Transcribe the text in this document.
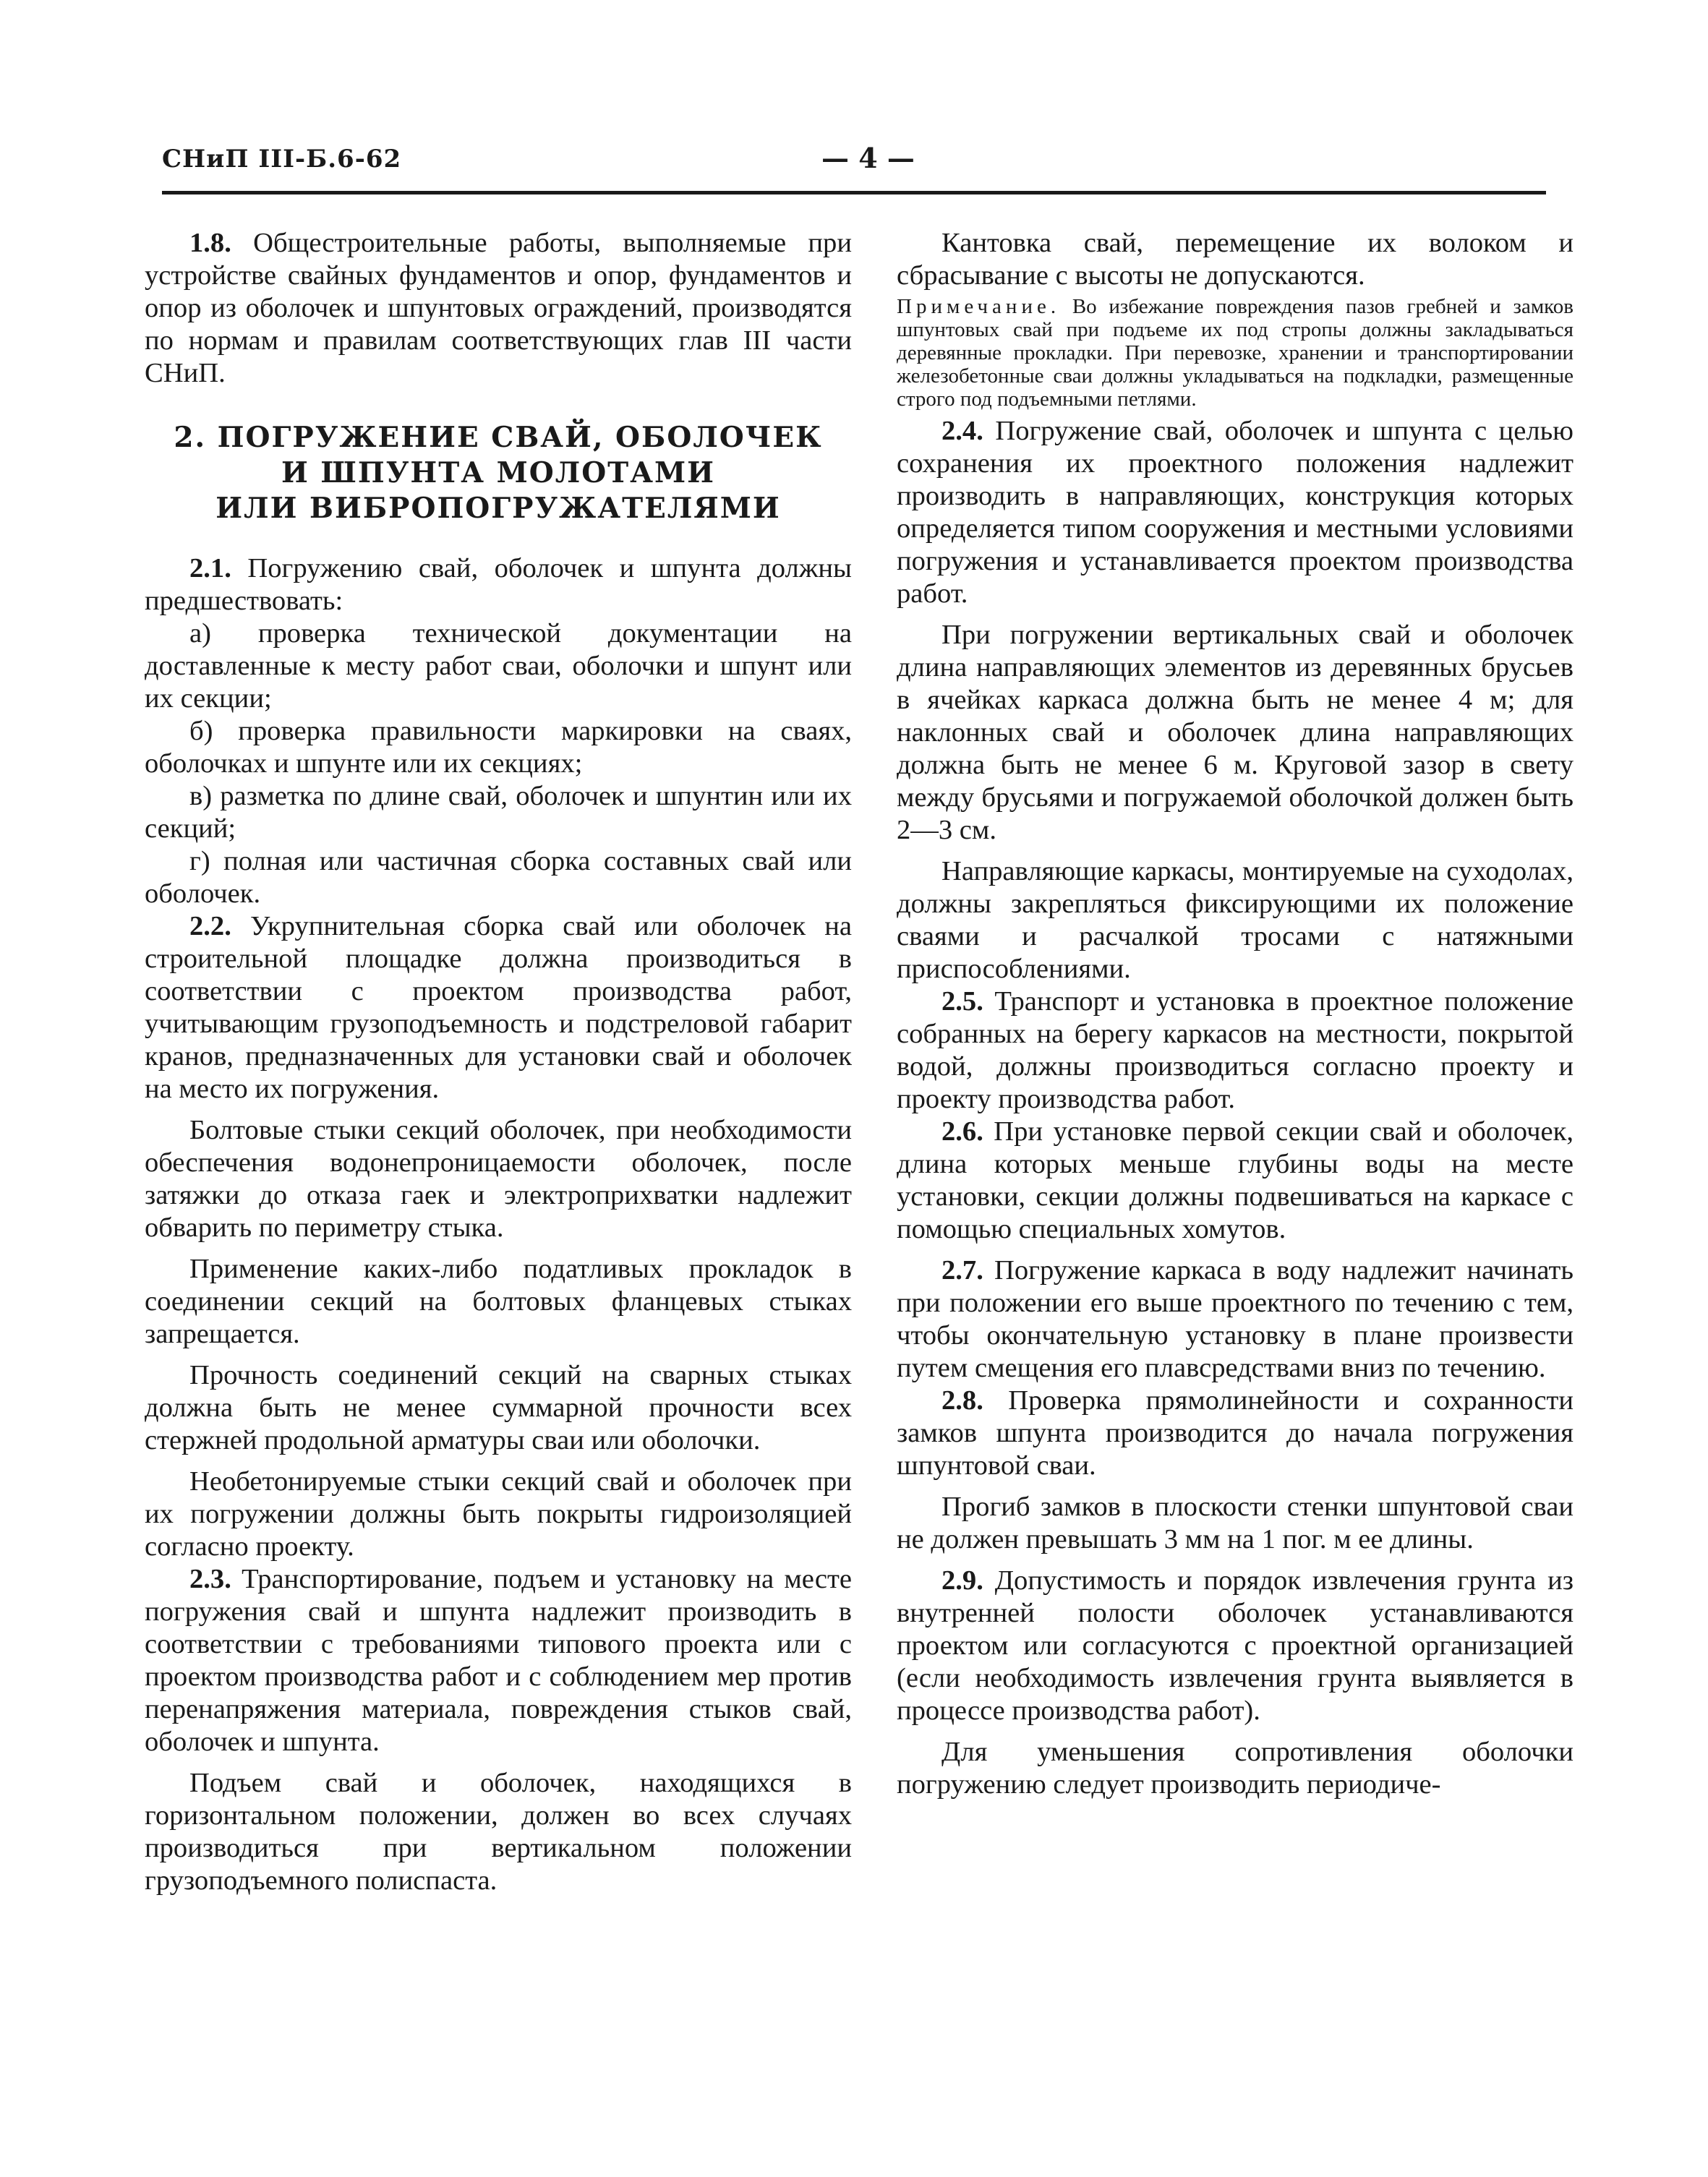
СНиП III-Б.6-62	— 4 —

1.8. Общестроительные работы, выполняемые при устройстве свайных фундаментов и опор, фундаментов и опор из оболочек и шпунтовых ограждений, производятся по нормам и правилам соответствующих глав III части СНиП.

2. ПОГРУЖЕНИЕ СВАЙ, ОБОЛОЧЕК
И ШПУНТА МОЛОТАМИ
ИЛИ ВИБРОПОГРУЖАТЕЛЯМИ

2.1. Погружению свай, оболочек и шпунта должны предшествовать:

а) проверка технической документации на доставленные к месту работ сваи, оболочки и шпунт или их секции;

б) проверка правильности маркировки на сваях, оболочках и шпунте или их секциях;

в) разметка по длине свай, оболочек и шпунтин или их секций;

г) полная или частичная сборка составных свай или оболочек.

2.2. Укрупнительная сборка свай или оболочек на строительной площадке должна производиться в соответствии с проектом производства работ, учитывающим грузоподъемность и подстреловой габарит кранов, предназначенных для установки свай и оболочек на место их погружения.

Болтовые стыки секций оболочек, при необходимости обеспечения водонепроницаемости оболочек, после затяжки до отказа гаек и электроприхватки надлежит обварить по периметру стыка.

Применение каких-либо податливых прокладок в соединении секций на болтовых фланцевых стыках запрещается.

Прочность соединений секций на сварных стыках должна быть не менее суммарной прочности всех стержней продольной арматуры сваи или оболочки.

Необетонируемые стыки секций свай и оболочек при их погружении должны быть покрыты гидроизоляцией согласно проекту.

2.3. Транспортирование, подъем и установку на месте погружения свай и шпунта надлежит производить в соответствии с требованиями типового проекта или с проектом производства работ и с соблюдением мер против перенапряжения материала, повреждения стыков свай, оболочек и шпунта.

Подъем свай и оболочек, находящихся в горизонтальном положении, должен во всех случаях производиться при вертикальном положении грузоподъемного полиспаста.

Кантовка свай, перемещение их волоком и сбрасывание с высоты не допускаются.

Примечание. Во избежание повреждения пазов гребней и замков шпунтовых свай при подъеме их под стропы должны закладываться деревянные прокладки. При перевозке, хранении и транспортировании железобетонные сваи должны укладываться на подкладки, размещенные строго под подъемными петлями.

2.4. Погружение свай, оболочек и шпунта с целью сохранения их проектного положения надлежит производить в направляющих, конструкция которых определяется типом сооружения и местными условиями погружения и устанавливается проектом производства работ.

При погружении вертикальных свай и оболочек длина направляющих элементов из деревянных брусьев в ячейках каркаса должна быть не менее 4 м; для наклонных свай и оболочек длина направляющих должна быть не менее 6 м. Круговой зазор в свету между брусьями и погружаемой оболочкой должен быть 2—3 см.

Направляющие каркасы, монтируемые на суходолах, должны закрепляться фиксирующими их положение сваями и расчалкой тросами с натяжными приспособлениями.

2.5. Транспорт и установка в проектное положение собранных на берегу каркасов на местности, покрытой водой, должны производиться согласно проекту и проекту производства работ.

2.6. При установке первой секции свай и оболочек, длина которых меньше глубины воды на месте установки, секции должны подвешиваться на каркасе с помощью специальных хомутов.

2.7. Погружение каркаса в воду надлежит начинать при положении его выше проектного по течению с тем, чтобы окончательную установку в плане произвести путем смещения его плавсредствами вниз по течению.

2.8. Проверка прямолинейности и сохранности замков шпунта производится до начала погружения шпунтовой сваи.

Прогиб замков в плоскости стенки шпунтовой сваи не должен превышать 3 мм на 1 пог. м ее длины.

2.9. Допустимость и порядок извлечения грунта из внутренней полости оболочек устанавливаются проектом или согласуются с проектной организацией (если необходимость извлечения грунта выявляется в процессе производства работ).

Для уменьшения сопротивления оболочки погружению следует производить периодиче-
